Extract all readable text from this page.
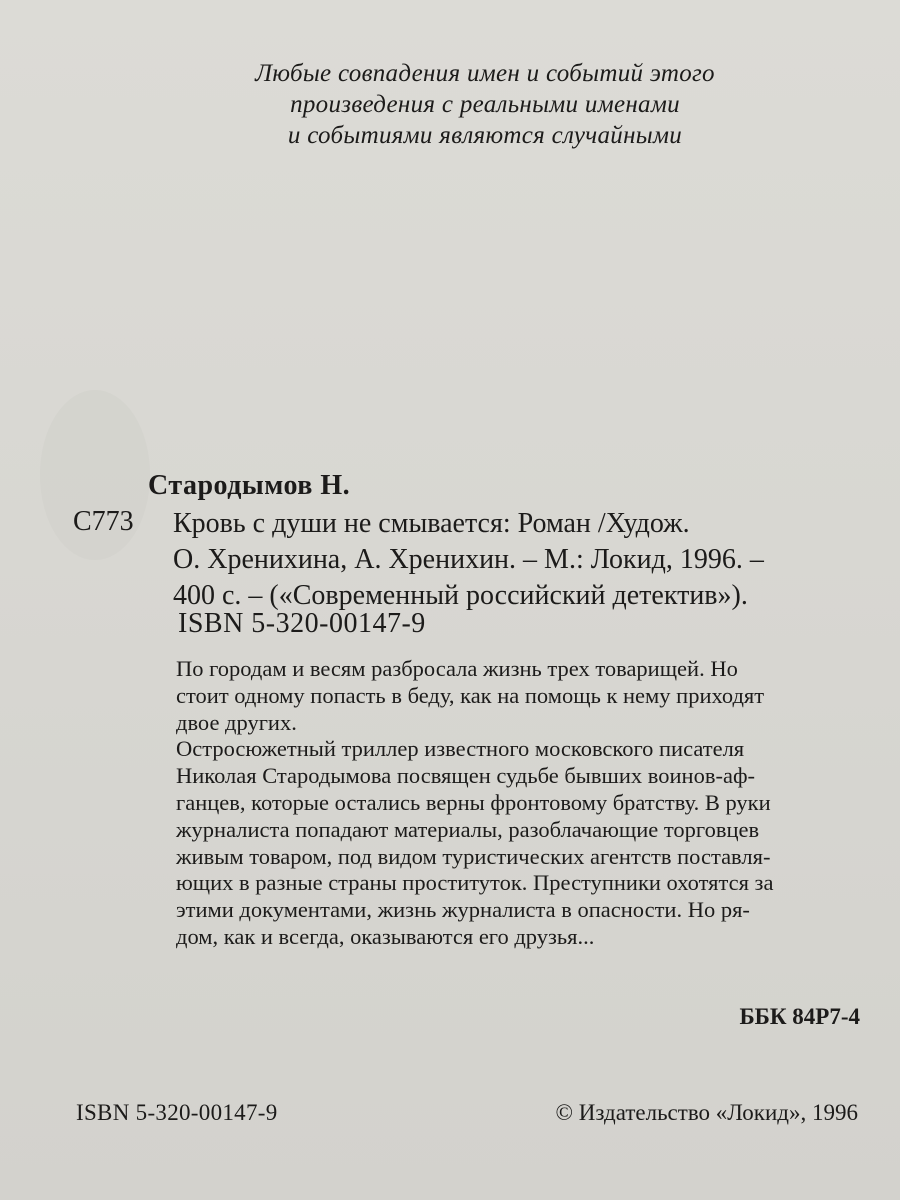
Любые совпадения имен и событий этого
произведения с реальными именами
и событиями являются случайными
Стародымов Н.
С773 Кровь с души не смывается: Роман /Худож.
О. Хренихина, А. Хренихин. – М.: Локид, 1996. –
400 с. – («Современный российский детектив»).
ISBN 5-320-00147-9
По городам и весям разбросала жизнь трех товарищей. Но
стоит одному попасть в беду, как на помощь к нему приходят
двое других.
Остросюжетный триллер известного московского писателя
Николая Стародымова посвящен судьбе бывших воинов-аф-
ганцев, которые остались верны фронтовому братству. В руки
журналиста попадают материалы, разоблачающие торговцев
живым товаром, под видом туристических агентств поставля-
ющих в разные страны проституток. Преступники охотятся за
этими документами, жизнь журналиста в опасности. Но ря-
дом, как и всегда, оказываются его друзья...
ББК 84Р7-4
ISBN 5-320-00147-9	© Издательство «Локид», 1996
